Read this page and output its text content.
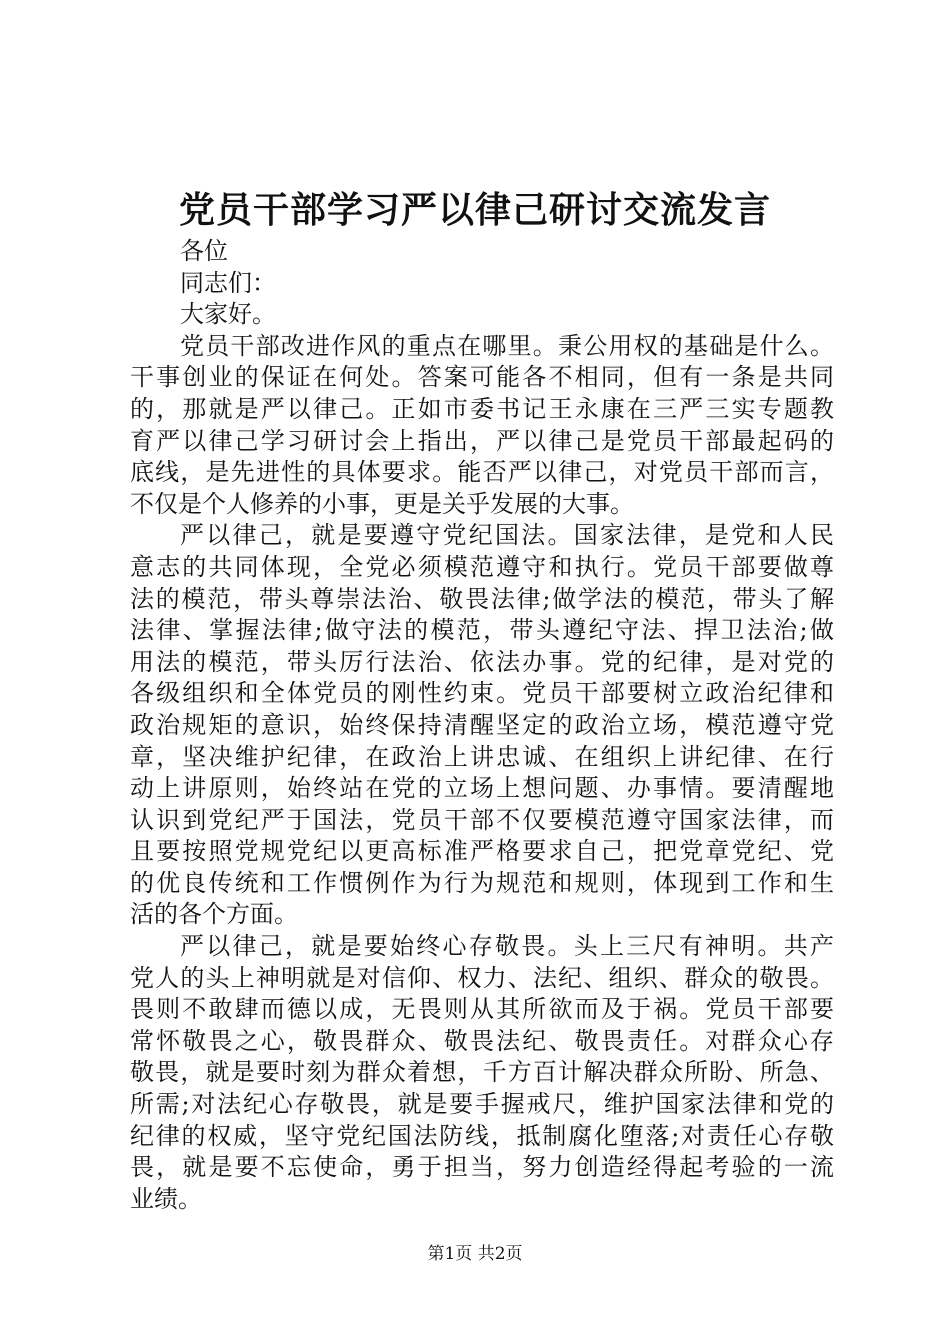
党员干部学习严以律己研讨交流发言
各位
同志们：
大家好。
党员干部改进作风的重点在哪里。秉公用权的基础是什么。
干事创业的保证在何处。答案可能各不相同，但有一条是共同
的，那就是严以律己。正如市委书记王永康在三严三实专题教
育严以律己学习研讨会上指出，严以律己是党员干部最起码的
底线，是先进性的具体要求。能否严以律己，对党员干部而言，
不仅是个人修养的小事，更是关乎发展的大事。
严以律己，就是要遵守党纪国法。国家法律，是党和人民
意志的共同体现，全党必须模范遵守和执行。党员干部要做尊
法的模范，带头尊崇法治、敬畏法律;做学法的模范，带头了解
法律、掌握法律;做守法的模范，带头遵纪守法、捍卫法治;做
用法的模范，带头厉行法治、依法办事。党的纪律，是对党的
各级组织和全体党员的刚性约束。党员干部要树立政治纪律和
政治规矩的意识，始终保持清醒坚定的政治立场，模范遵守党
章，坚决维护纪律，在政治上讲忠诚、在组织上讲纪律、在行
动上讲原则，始终站在党的立场上想问题、办事情。要清醒地
认识到党纪严于国法，党员干部不仅要模范遵守国家法律，而
且要按照党规党纪以更高标准严格要求自己，把党章党纪、党
的优良传统和工作惯例作为行为规范和规则，体现到工作和生
活的各个方面。
严以律己，就是要始终心存敬畏。头上三尺有神明。共产
党人的头上神明就是对信仰、权力、法纪、组织、群众的敬畏。
畏则不敢肆而德以成，无畏则从其所欲而及于祸。党员干部要
常怀敬畏之心，敬畏群众、敬畏法纪、敬畏责任。对群众心存
敬畏，就是要时刻为群众着想，千方百计解决群众所盼、所急、
所需;对法纪心存敬畏，就是要手握戒尺，维护国家法律和党的
纪律的权威，坚守党纪国法防线，抵制腐化堕落;对责任心存敬
畏，就是要不忘使命，勇于担当，努力创造经得起考验的一流
业绩。
第1页 共2页
